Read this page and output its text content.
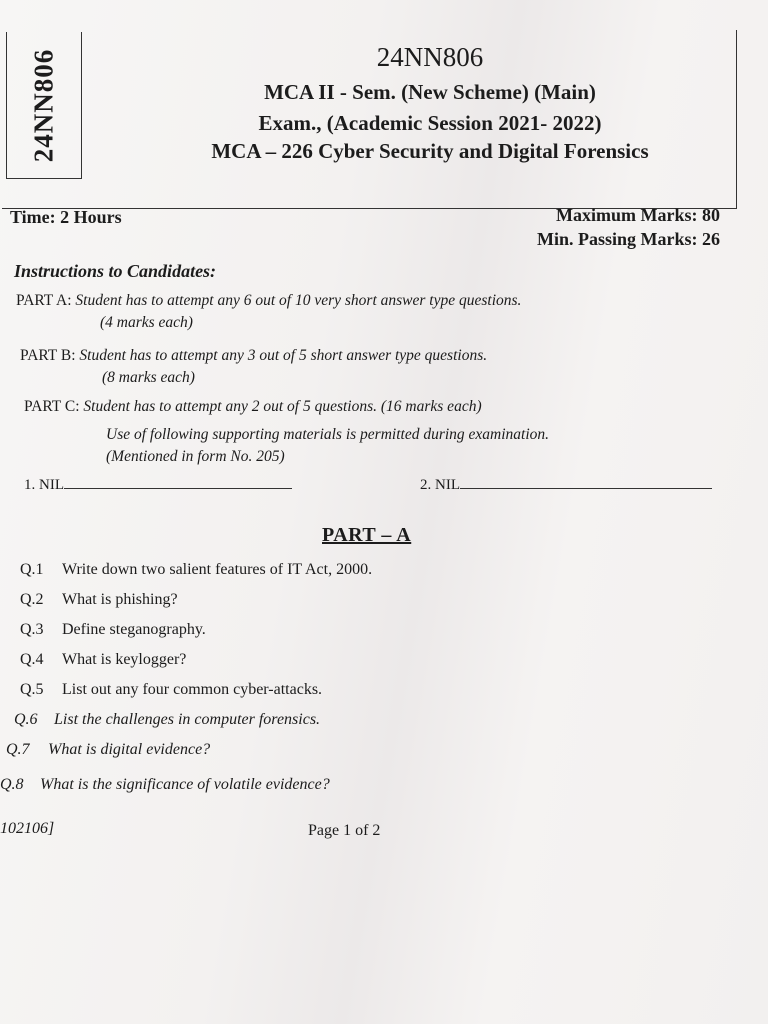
24NN806	24NN806
MCA II - Sem. (New Scheme) (Main)
Exam., (Academic Session 2021- 2022)
MCA – 226 Cyber Security and Digital Forensics
Time: 2 Hours	Maximum Marks: 80
Min. Passing Marks: 26
Instructions to Candidates:
PART A: Student has to attempt any 6 out of 10 very short answer type questions.
(4 marks each)
PART B: Student has to attempt any 3 out of 5 short answer type questions.
(8 marks each)
PART C: Student has to attempt any 2 out of 5 questions. (16 marks each)
Use of following supporting materials is permitted during examination.
(Mentioned in form No. 205)
1. NIL	2. NIL
PART – A
Q.1 Write down two salient features of IT Act, 2000.
Q.2 What is phishing?
Q.3 Define steganography.
Q.4 What is keylogger?
Q.5 List out any four common cyber-attacks.
Q.6 List the challenges in computer forensics.
Q.7 What is digital evidence?
Q.8 What is the significance of volatile evidence?
102106]	Page 1 of 2
